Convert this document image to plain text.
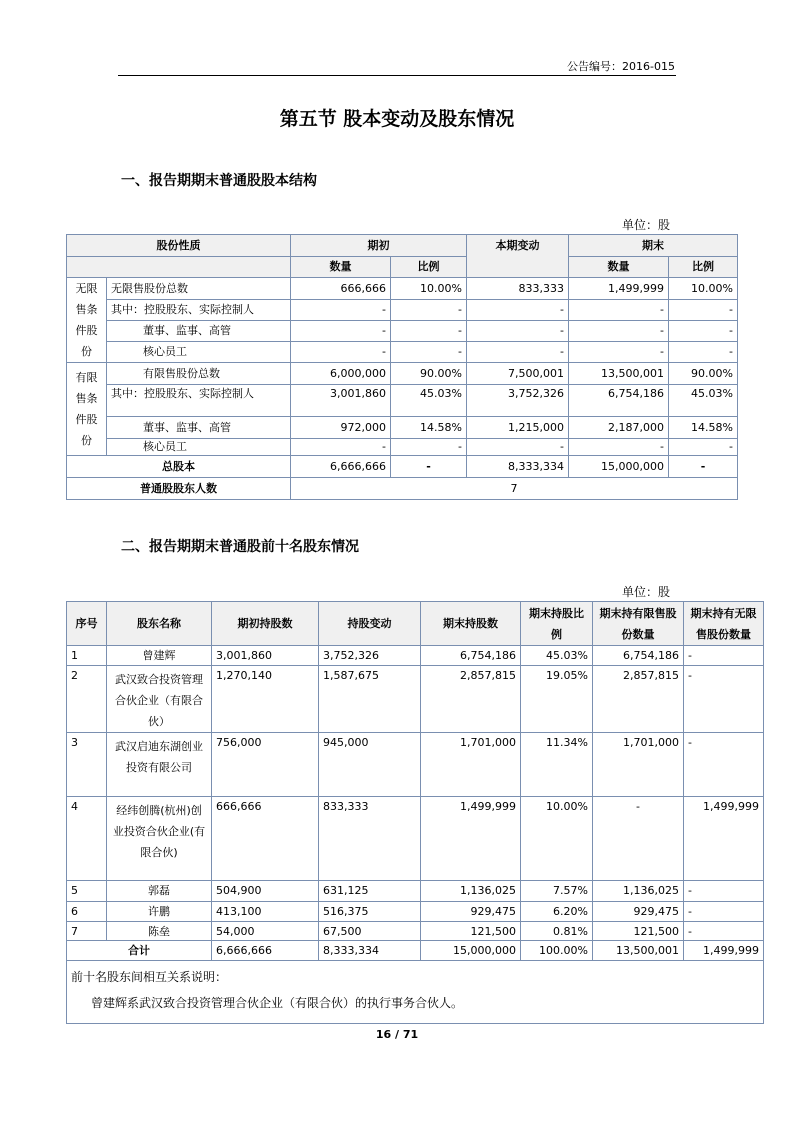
公告编号：2016-015
第五节 股本变动及股东情况
一、报告期期末普通股股本结构
单位：股
股份性质		期初		本期变动	期末	
		数量	比例		数量	比例
无限售条件股份	无限售股份总数	666,666	10.00%	833,333	1,499,999	10.00%
	其中：控股股东、实际控制人	-	-	-	-	-
	董事、监事、高管	-	-	-	-	-
	核心员工	-	-	-	-	-
有限售条件股份	有限售股份总数	6,000,000	90.00%	7,500,001	13,500,001	90.00%
	其中：控股股东、实际控制人	3,001,860	45.03%	3,752,326	6,754,186	45.03%
	董事、监事、高管	972,000	14.58%	1,215,000	2,187,000	14.58%
	核心员工	-	-	-	-	-
总股本		6,666,666	-	8,333,334	15,000,000	-
普通股股东人数		7				
二、报告期期末普通股前十名股东情况
单位：股
序号	股东名称	期初持股数	持股变动	期末持股数	期末持股比例	期末持有限售股份数量	期末持有无限售股份数量
1	曾建辉	3,001,860	3,752,326	6,754,186	45.03%	6,754,186	-
2	武汉致合投资管理合伙企业（有限合伙）	1,270,140	1,587,675	2,857,815	19.05%	2,857,815	-
3	武汉启迪东湖创业投资有限公司	756,000	945,000	1,701,000	11.34%	1,701,000	-
4	经纬创腾(杭州)创业投资合伙企业(有限合伙)	666,666	833,333	1,499,999	10.00%	-	1,499,999
5	郭磊	504,900	631,125	1,136,025	7.57%	1,136,025	-
6	许鹏	413,100	516,375	929,475	6.20%	929,475	-
7	陈垒	54,000	67,500	121,500	0.81%	121,500	-
合计		6,666,666	8,333,334	15,000,000	100.00%	13,500,001	1,499,999

前十名股东间相互关系说明：
曾建辉系武汉致合投资管理合伙企业（有限合伙）的执行事务合伙人。							
16 / 71
